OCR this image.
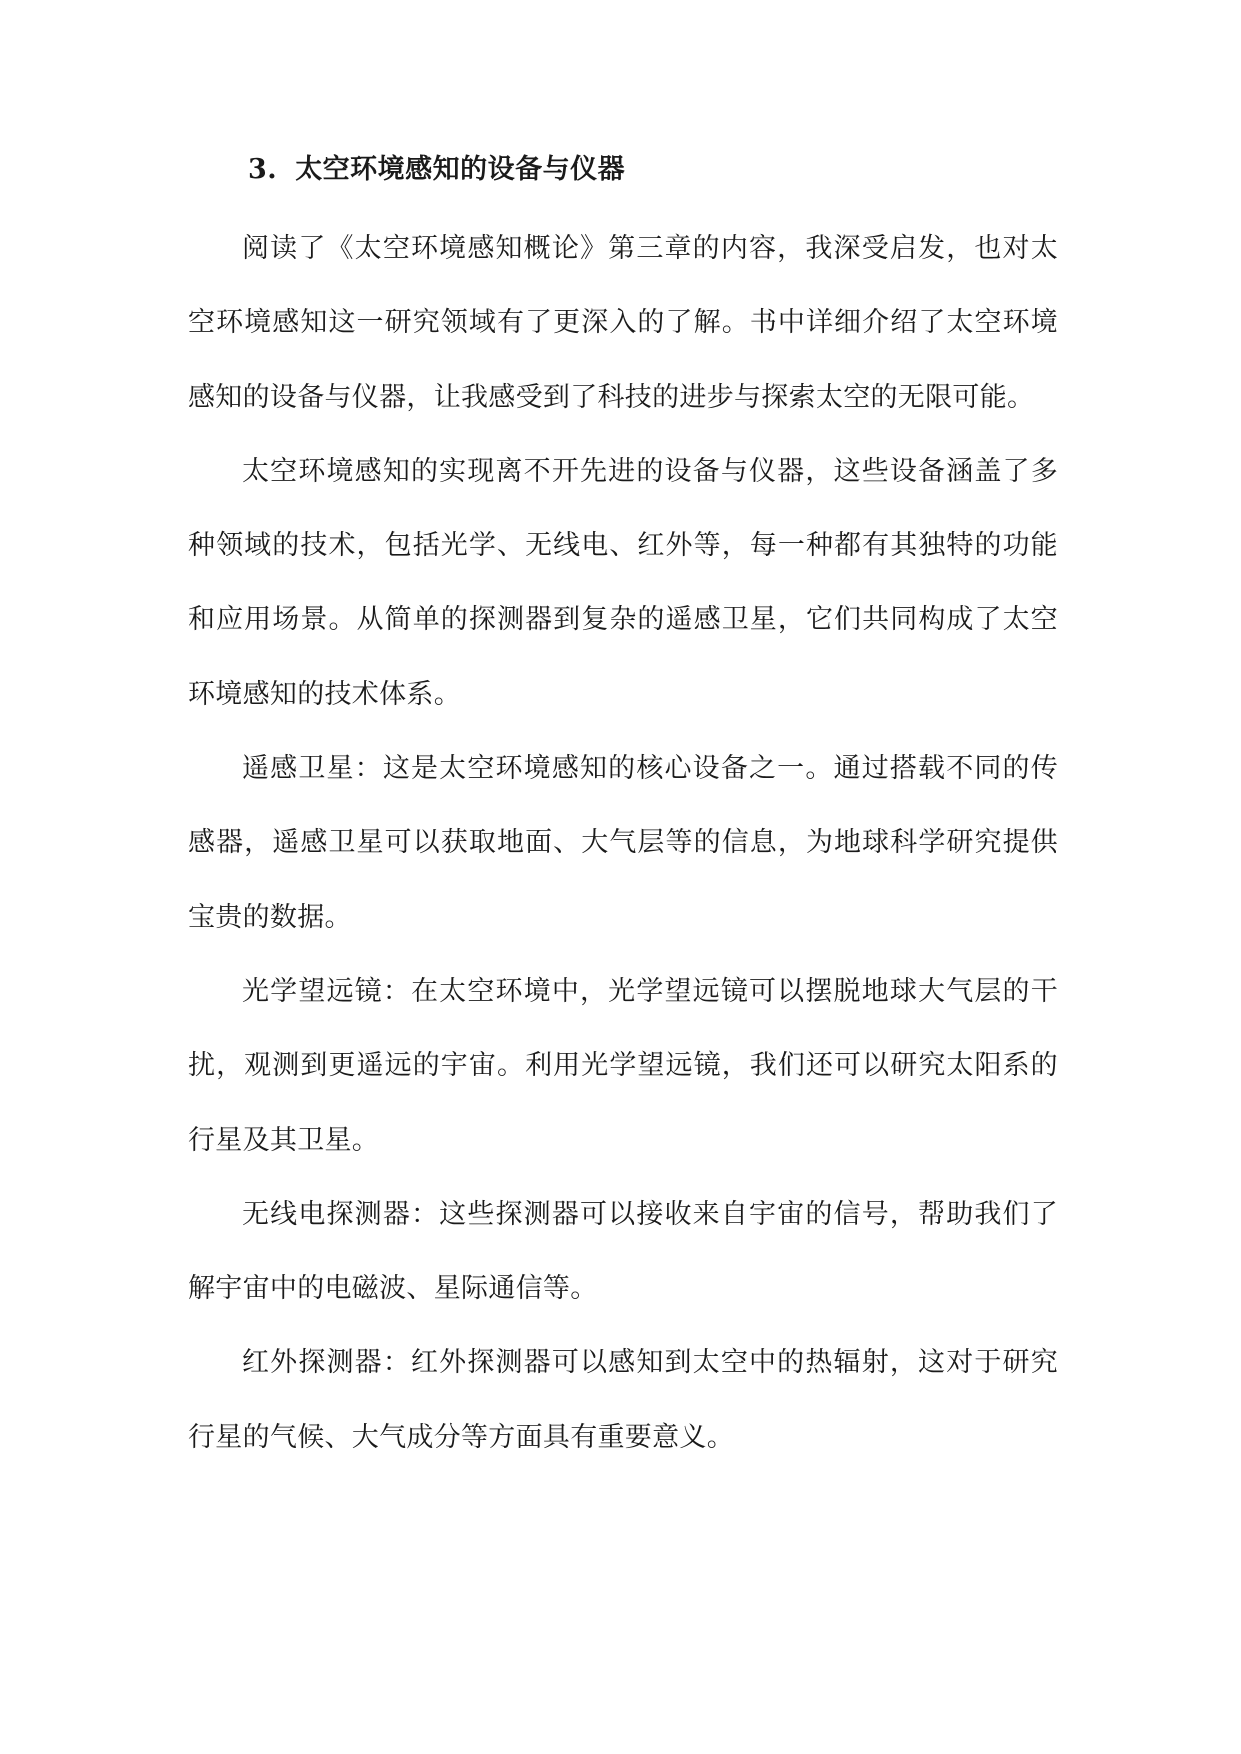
3. 太空环境感知的设备与仪器

阅读了《太空环境感知概论》第三章的内容，我深受启发，也对太空环境感知这一研究领域有了更深入的了解。书中详细介绍了太空环境感知的设备与仪器，让我感受到了科技的进步与探索太空的无限可能。

太空环境感知的实现离不开先进的设备与仪器，这些设备涵盖了多种领域的技术，包括光学、无线电、红外等，每一种都有其独特的功能和应用场景。从简单的探测器到复杂的遥感卫星，它们共同构成了太空环境感知的技术体系。

遥感卫星：这是太空环境感知的核心设备之一。通过搭载不同的传感器，遥感卫星可以获取地面、大气层等的信息，为地球科学研究提供宝贵的数据。

光学望远镜：在太空环境中，光学望远镜可以摆脱地球大气层的干扰，观测到更遥远的宇宙。利用光学望远镜，我们还可以研究太阳系的行星及其卫星。

无线电探测器：这些探测器可以接收来自宇宙的信号，帮助我们了解宇宙中的电磁波、星际通信等。

红外探测器：红外探测器可以感知到太空中的热辐射，这对于研究行星的气候、大气成分等方面具有重要意义。
